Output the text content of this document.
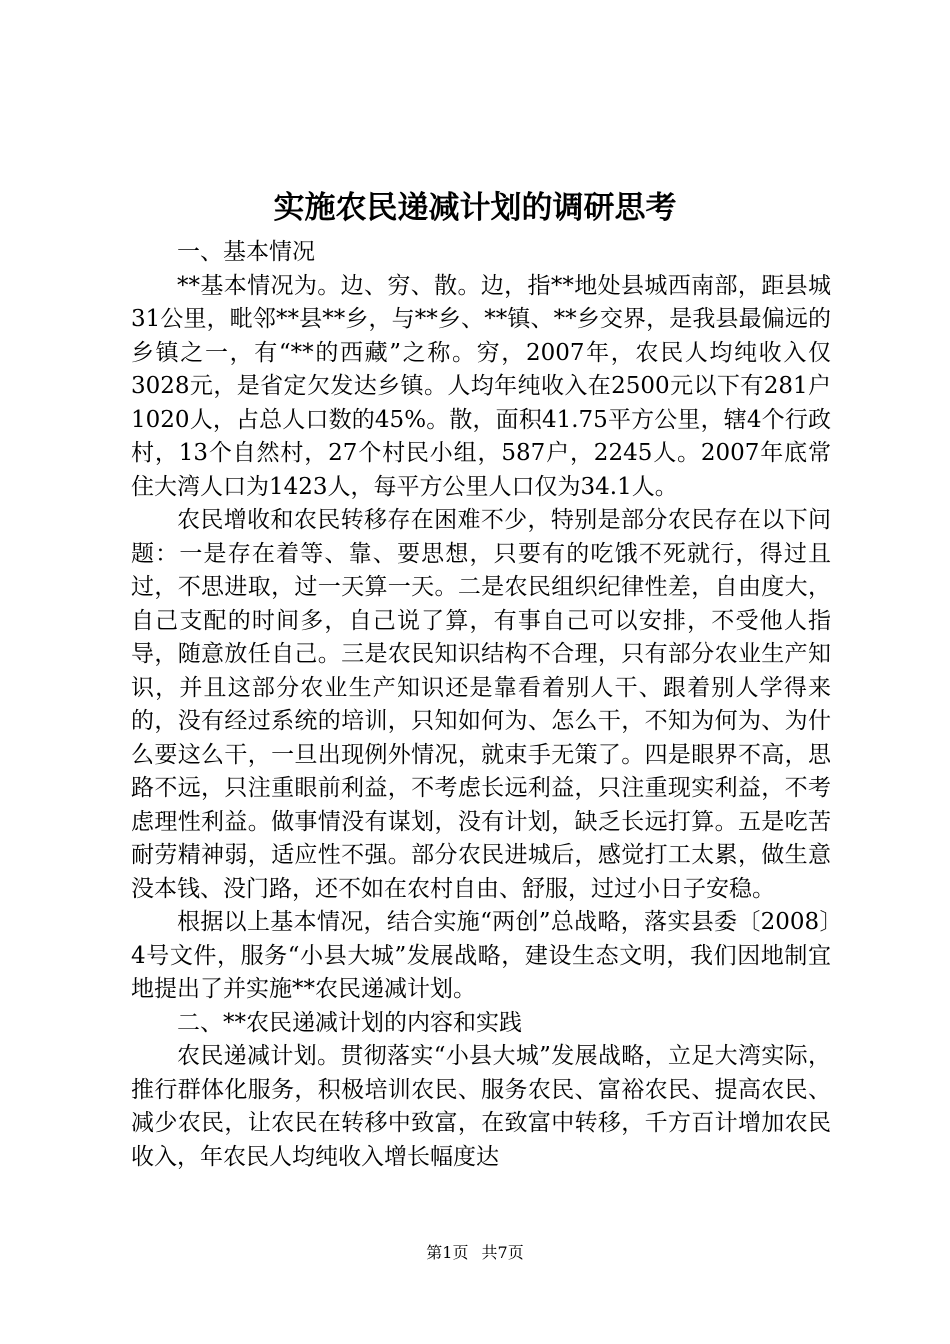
实施农民递减计划的调研思考

一、基本情况

**基本情况为。边、穷、散。边，指**地处县城西南部，距县城31公里，毗邻**县**乡，与**乡、**镇、**乡交界，是我县最偏远的乡镇之一，有“**的西藏”之称。穷，2007年，农民人均纯收入仅3028元，是省定欠发达乡镇。人均年纯收入在2500元以下有281户1020人，占总人口数的45%。散，面积41.75平方公里，辖4个行政村，13个自然村，27个村民小组，587户，2245人。2007年底常住大湾人口为1423人，每平方公里人口仅为34.1人。

农民增收和农民转移存在困难不少，特别是部分农民存在以下问题：一是存在着等、靠、要思想，只要有的吃饿不死就行，得过且过，不思进取，过一天算一天。二是农民组织纪律性差，自由度大，自己支配的时间多，自己说了算，有事自己可以安排，不受他人指导，随意放任自己。三是农民知识结构不合理，只有部分农业生产知识，并且这部分农业生产知识还是靠看着别人干、跟着别人学得来的，没有经过系统的培训，只知如何为、怎么干，不知为何为、为什么要这么干，一旦出现例外情况，就束手无策了。四是眼界不高，思路不远，只注重眼前利益，不考虑长远利益，只注重现实利益，不考虑理性利益。做事情没有谋划，没有计划，缺乏长远打算。五是吃苦耐劳精神弱，适应性不强。部分农民进城后，感觉打工太累，做生意没本钱、没门路，还不如在农村自由、舒服，过过小日子安稳。

根据以上基本情况，结合实施“两创”总战略，落实县委〔2008〕4号文件，服务“小县大城”发展战略，建设生态文明，我们因地制宜地提出了并实施**农民递减计划。

二、**农民递减计划的内容和实践

农民递减计划。贯彻落实“小县大城”发展战略，立足大湾实际，推行群体化服务，积极培训农民、服务农民、富裕农民、提高农民、减少农民，让农民在转移中致富，在致富中转移，千方百计增加农民收入，年农民人均纯收入增长幅度达

第1页 共7页
